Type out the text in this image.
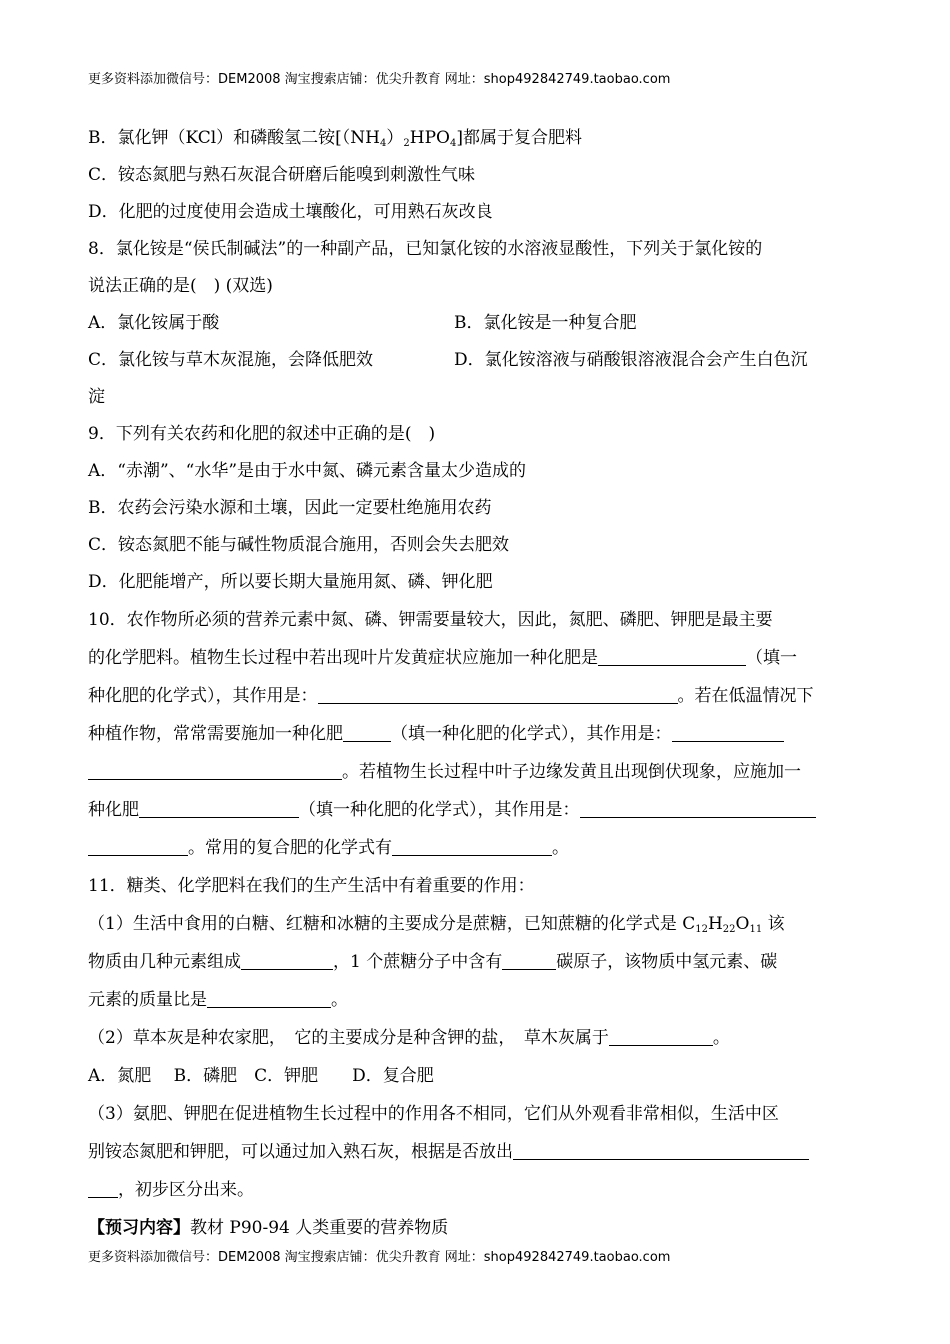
更多资料添加微信号：DEM2008 淘宝搜索店铺：优尖升教育 网址：shop492842749.taobao.com
B．氯化钾（KCl）和磷酸氢二铵$[(NH_4)_2HPO_4]$都属于复合肥料
C．铵态氮肥与熟石灰混合研磨后能嗅到刺激性气味
D．化肥的过度使用会造成土壤酸化，可用熟石灰改良
8．氯化铵是“侯氏制碱法”的一种副产品，已知氯化铵的水溶液显酸性，下列关于氯化铵的
说法正确的是(　) (双选)
A．氯化铵属于酸	B．氯化铵是一种复合肥
C．氯化铵与草木灰混施，会降低肥效	D．氯化铵溶液与硝酸银溶液混合会产生白色沉
淀
9．下列有关农药和化肥的叙述中正确的是(　)
A．“赤潮”、“水华”是由于水中氮、磷元素含量太少造成的
B．农药会污染水源和土壤，因此一定要杜绝施用农药
C．铵态氮肥不能与碱性物质混合施用，否则会失去肥效
D．化肥能增产，所以要长期大量施用氮、磷、钾化肥
10．农作物所必须的营养元素中氮、磷、钾需要量较大，因此，氮肥、磷肥、钾肥是最主要
的化学肥料。植物生长过程中若出现叶片发黄症状应施加一种化肥是	（填一
种化肥的化学式），其作用是：	。若在低温情况下
种植作物，常常需要施加一种化肥	（填一种化肥的化学式），其作用是：
。若植物生长过程中叶子边缘发黄且出现倒伏现象，应施加一
种化肥	（填一种化肥的化学式），其作用是：
。常用的复合肥的化学式有	。
11．糖类、化学肥料在我们的生产生活中有着重要的作用：
（1）生活中食用的白糖、红糖和冰糖的主要成分是蔗糖，已知蔗糖的化学式是 $C_{12}H_{22}O_{11}$ 该
物质由几种元素组成	，1 个蔗糖分子中含有	碳原子，该物质中氢元素、碳
元素的质量比是	。
（2）草本灰是种农家肥，　它的主要成分是种含钾的盐，　草木灰属于	。
A．氮肥　 B．磷肥　C．钾肥　　D．复合肥
（3）氨肥、钾肥在促进植物生长过程中的作用各不相同，它们从外观看非常相似，生活中区
别铵态氮肥和钾肥，可以通过加入熟石灰，根据是否放出
，初步区分出来。
【预习内容】教材 P90-94 人类重要的营养物质
更多资料添加微信号：DEM2008 淘宝搜索店铺：优尖升教育 网址：shop492842749.taobao.com
